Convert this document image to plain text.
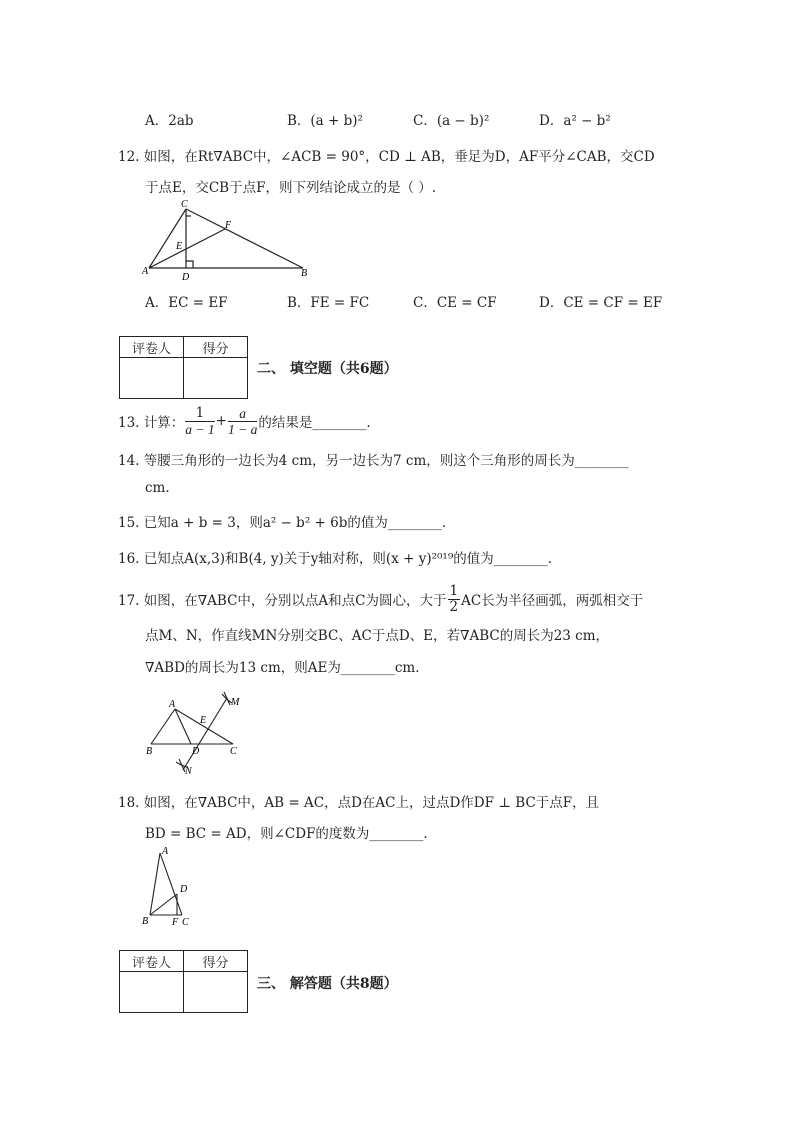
A．2ab	B．(a + b)²	C．(a − b)²	D．a² − b²
12. 如图，在Rt∇ABC中，∠ACB = 90°，CD ⊥ AB，垂足为D，AF平分∠CAB，交CD
于点E，交CB于点F，则下列结论成立的是（ ）.
C
F
E
A
D	B
A．EC = EF	B．FE = FC	C．CE = CF	D．CE = CF = EF
评卷人	得分

二、 填空题（共6题）
13. 计算： $\frac{1}{a - 1} + \frac{a}{1 - a}$ 的结果是________.
14. 等腰三角形的一边长为4 cm，另一边长为7 cm，则这个三角形的周长为________
cm.
15. 已知a + b = 3，则a² − b² + 6b的值为________.
16. 已知点A(x,3)和B(4, y)关于y轴对称，则(x + y)²⁰¹⁹的值为________.
17. 如图，在∇ABC中，分别以点A和点C为圆心，大于 $\frac{1}{2}$ AC长为半径画弧，两弧相交于
点M、N，作直线MN分别交BC、AC于点D、E，若∇ABC的周长为23 cm，
∇ABD的周长为13 cm，则AE为________cm.
A
E
M
B	D	C
N
18. 如图，在∇ABC中，AB = AC，点D在AC上，过点D作DF ⊥ BC于点F，且
BD = BC = AD，则∠CDF的度数为________.
A
D
B F C
评卷人	得分

三、 解答题（共8题）
